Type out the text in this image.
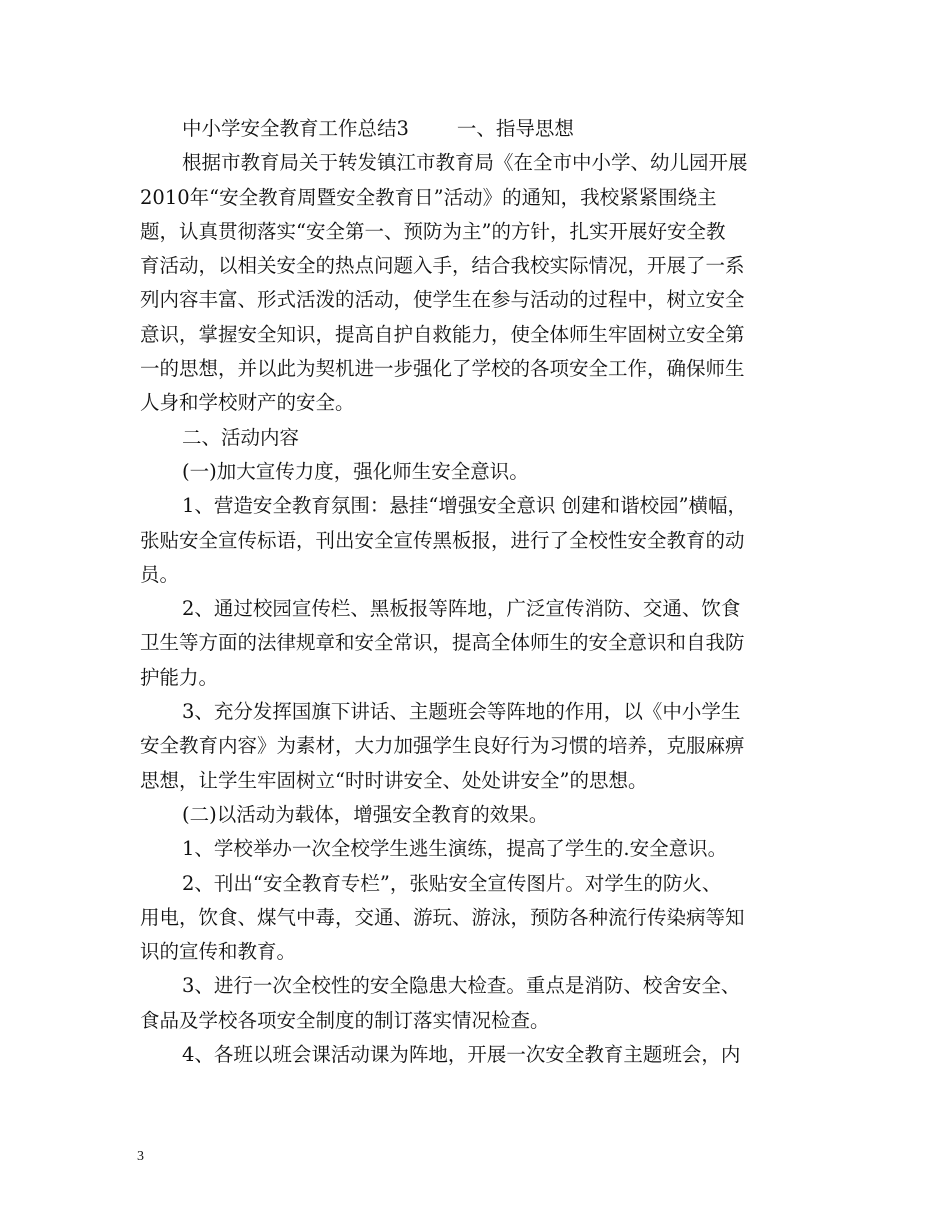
中小学安全教育工作总结3 一、指导思想
根据市教育局关于转发镇江市教育局《在全市中小学、幼儿园开展
2010年“安全教育周暨安全教育日”活动》的通知，我校紧紧围绕主
题，认真贯彻落实“安全第一、预防为主”的方针，扎实开展好安全教
育活动，以相关安全的热点问题入手，结合我校实际情况，开展了一系
列内容丰富、形式活泼的活动，使学生在参与活动的过程中，树立安全
意识，掌握安全知识，提高自护自救能力，使全体师生牢固树立安全第
一的思想，并以此为契机进一步强化了学校的各项安全工作，确保师生
人身和学校财产的安全。
二、活动内容
(一)加大宣传力度，强化师生安全意识。
1、营造安全教育氛围：悬挂“增强安全意识 创建和谐校园”横幅，
张贴安全宣传标语，刊出安全宣传黑板报，进行了全校性安全教育的动
员。
2、通过校园宣传栏、黑板报等阵地，广泛宣传消防、交通、饮食
卫生等方面的法律规章和安全常识，提高全体师生的安全意识和自我防
护能力。
3、充分发挥国旗下讲话、主题班会等阵地的作用，以《中小学生
安全教育内容》为素材，大力加强学生良好行为习惯的培养，克服麻痹
思想，让学生牢固树立“时时讲安全、处处讲安全”的思想。
(二)以活动为载体，增强安全教育的效果。
1、学校举办一次全校学生逃生演练，提高了学生的.安全意识。
2、刊出“安全教育专栏”，张贴安全宣传图片。对学生的防火、
用电，饮食、煤气中毒，交通、游玩、游泳，预防各种流行传染病等知
识的宣传和教育。
3、进行一次全校性的安全隐患大检查。重点是消防、校舍安全、
食品及学校各项安全制度的制订落实情况检查。
4、各班以班会课活动课为阵地，开展一次安全教育主题班会，内
3
